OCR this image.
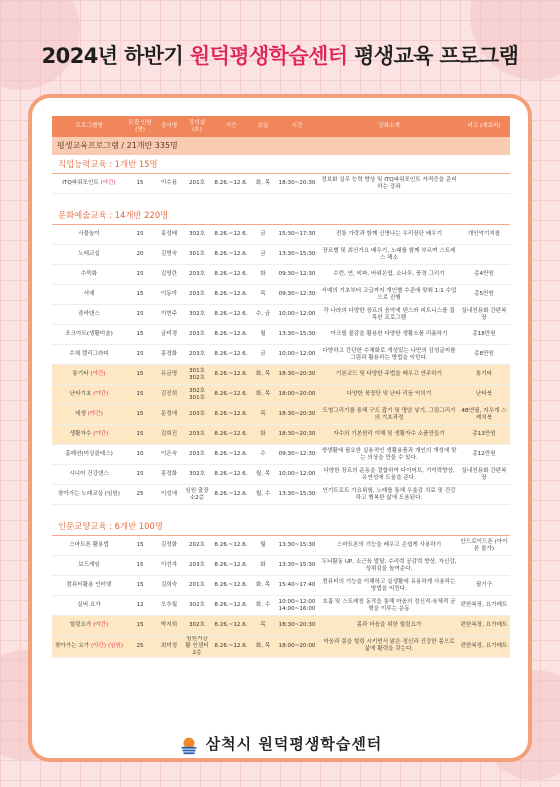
2024년 하반기 원덕평생학습센터 평생교육 프로그램
프로그램명	모집 인원(명)	강사명	강의실 (호)	기간	요일	시간	강좌소개	비고 (재료비)
평생교육프로그램 / 21개반 335명								
직업능력교육 : 1개반 15명								
ITQ파워포인트 (야간)	15	이수용	201호	8.26.~12.6.	화, 목	18:30~20:30	정보화 실무 능력 향상 및 ITQ파워포인트 자격증을 준비하는 강좌	

문화예술교육 : 14개반 220명								
사물놀이	15	홍성태	302호	8.26.~12.6.	금	15:30~17:30	전통 가락과 함께 신명나는 우리장단 배우기	개인악기지참
노래교실	20	김명숙	301호	8.26.~12.6.	금	13:30~15:30	장르별 및 최신가요 배우기, 노래를 함께 부르며 스트레스 해소	
수묵화	15	김영란	203호	8.26.~12.6.	화	09:30~12:30	수련, 연, 비파, 바위은엽, 소나무, 풍경 그리기	총4만원
서예	15	이동아	203호	8.26.~12.6.	목	09:30~12:30	서예의 기초부터 고급까지 개인별 수준에 맞춰 1:1 수업으로 진행	총5만원
줌바댄스	15	이현주	302호	8.26.~12.6.	수, 금	10:00~12:00	각 나라의 다양한 장르의 음악에 댄스와 피트니스를 접목한 프로그램	실내전용화 간편복장
포크아트(생활미술)	15	금미경	203호	8.26.~12.6.	월	13:30~15:30	아크릴 물감을 활용한 다양한 생활소품 리폼하기	총18만원
수채 캘리그라피	15	홍경화	203호	8.26.~12.6.	금	10:00~12:00	다양하고 간단한 수채화로 개성있는 나만의 감성글씨를 그림과 활용하는 방법을 익힌다.	총8만원
통기타 (야간)	15	유금명	301호 302호	8.26.~12.6.	화, 목	18:30~20:30	기본코드 및 다양한 주법을 배우고 연주하기	통기타
난타기초 (야간)	15	김진희	302호 301호	8.26.~12.6.	화, 목	18:00~20:00	다양한 북장단 및 난타 리듬 익히기	난타북
데생 (야간)	15	문정애	203호	8.26.~12.6.	목	18:30~20:30	도형그리기를 통해 구도 잡기 및 명암 넣기, 그림그리기의 기초과정	4B연필, 지우개 스케치북
생활자수 (야간)	15	김희진	203호	8.26.~12.6.	화	18:30~20:30	자수의 기본원리 이해 및 생활자수 소품만들기	총13만원
홈패션(미싱클래스)	10	이은숙	203호	8.26.~12.6.	수	09:30~12:30	생생활에 필요한 실용적인 생활용품과 개인의 개성에 맞는 의상을 만들 수 있다.	총12만원
시니어 건강댄스	15	홍정화	302호	8.26.~12.6.	월, 목	10:00~12:00	다양한 장르의 운동을 결합하여 다이어트, 기억력향상, 유연성에 도움을 준다.	실내전용화 간편복장
찾아가는 노래교실 (임원)	25	이성애	임원 출장소2층	8.26.~12.6.	월, 수	13:30~15:30	인기트로트 가요위험, 노래를 통해 우울감 치료 및 건강하고 행복한 삶에 도움된다.	

인문교양교육 : 6개반 100명								
스마트폰 활용법	15	김정화	202호	8.26.~12.6.	월	13:30~15:30	스마트폰의 기능을 배우고 손쉽게 사용하기	안드로이드폰 (아이폰 불가)
보드게임	15	이선자	203호	8.26.~12.6.	화	13:30~15:30	두뇌활동 UP, 소근육 발달, 수리력 공감력 향상, 자신감, 성취감을 높여준다.	
컴퓨터활용 인터넷	15	김희숙	201호	8.26.~12.6.	화, 목	15:40~17:40	컴퓨터의 기능을 이해하고 실생활에 유용하게 사용하는 방법을 익힌다.	필기구
실버 요가	12	오추월	302호	8.26.~12.6.	화, 수	10:00~12:00 14:00~16:00	호흡 및 스트레칭 동작을 통해 마음의 정신적·육체적 균형을 이루는 운동	편한복장, 요가매트
힐링요가 (야간)	15	박지희	302호	8.26.~12.6.	목	18:30~20:30	몸과 마음을 위한 힐링요가	편한복장, 요가매트
찾아가는 요가 (야간) (임원)	25	최미정	임원거강 활 인센터 2층	8.26.~12.6.	화, 목	18:00~20:00	마음과 몸을 힐링 시키면서 맑은 정신과 건강한 몸으로 삶에 활력을 갖는다.	편한복장, 요가매트
삼척시 원덕평생학습센터
